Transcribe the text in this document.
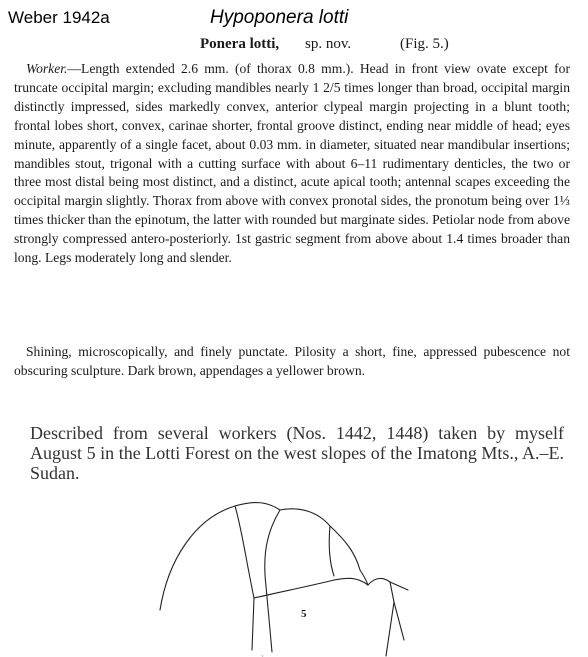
Weber 1942a	Hypoponera lotti
Ponera lotti, sp. nov.	(Fig. 5.)

Worker.—Length extended 2.6 mm. (of thorax 0.8 mm.). Head in front view ovate except for truncate occipital margin; excluding mandibles nearly 1 2/5 times longer than broad, occipital margin distinctly impressed, sides markedly convex, anterior clypeal margin projecting in a blunt tooth; frontal lobes short, convex, carinae shorter, frontal groove distinct, ending near middle of head; eyes minute, apparently of a single facet, about 0.03 mm. in diameter, situated near mandibular insertions; mandibles stout, trigonal with a cutting surface with about 6–11 rudimentary denticles, the two or three most distal being most distinct, and a distinct, acute apical tooth; antennal scapes exceeding the occipital margin slightly. Thorax from above with convex pronotal sides, the pronotum being over 1⅓ times thicker than the epinotum, the latter with rounded but marginate sides. Petiolar node from above strongly compressed antero-posteriorly. 1st gastric segment from above about 1.4 times broader than long. Legs moderately long and slender.

Shining, microscopically, and finely punctate. Pilosity a short, fine, appressed pubescence not obscuring sculpture. Dark brown, appendages a yellower brown.

Described from several workers (Nos. 1442, 1448) taken by myself August 5 in the Lotti Forest on the west slopes of the Imatong Mts., A.–E. Sudan.

5
